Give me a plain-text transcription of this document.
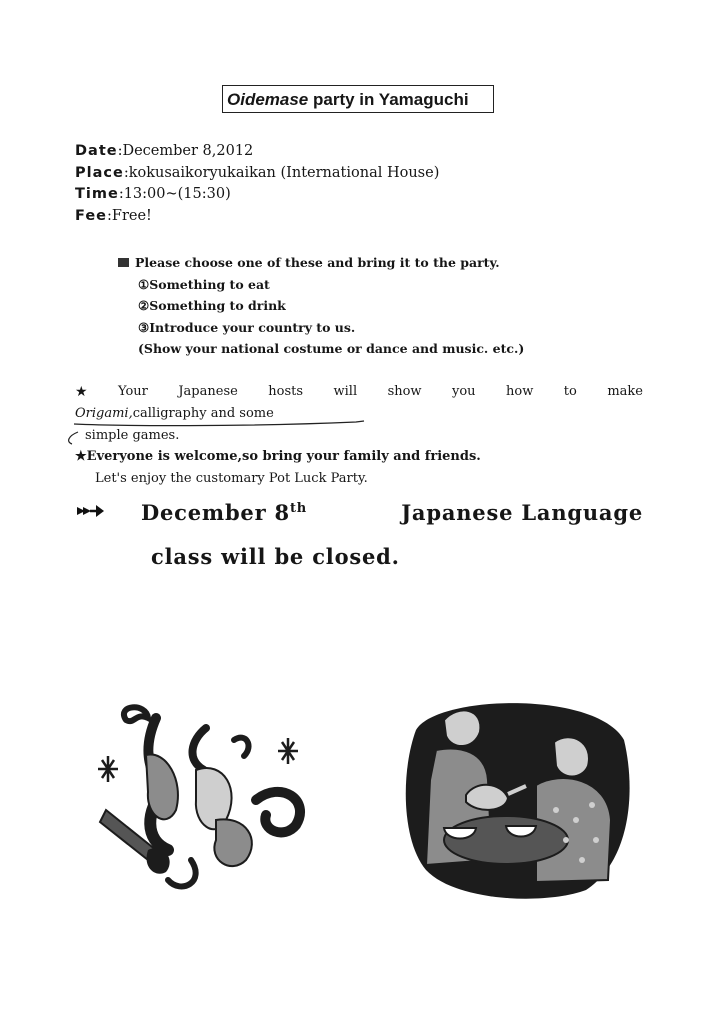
Oidemase party in Yamaguchi
Date:December 8,2012
Place:kokusaikoryukaikan (International House)
Time:13:00~(15:30)
Fee:Free!
Please choose one of these and bring it to the party.
①Something to eat
②Something to drink
③Introduce your country to us.
(Show your national costume or dance and music. etc.)
★ Your Japanese hosts will show you how to make
Origami,calligraphy and some
simple games.
★Everyone is welcome,so bring your family and friends.
Let's enjoy the customary Pot Luck Party.
December 8th	Japanese Language
class will be closed.
